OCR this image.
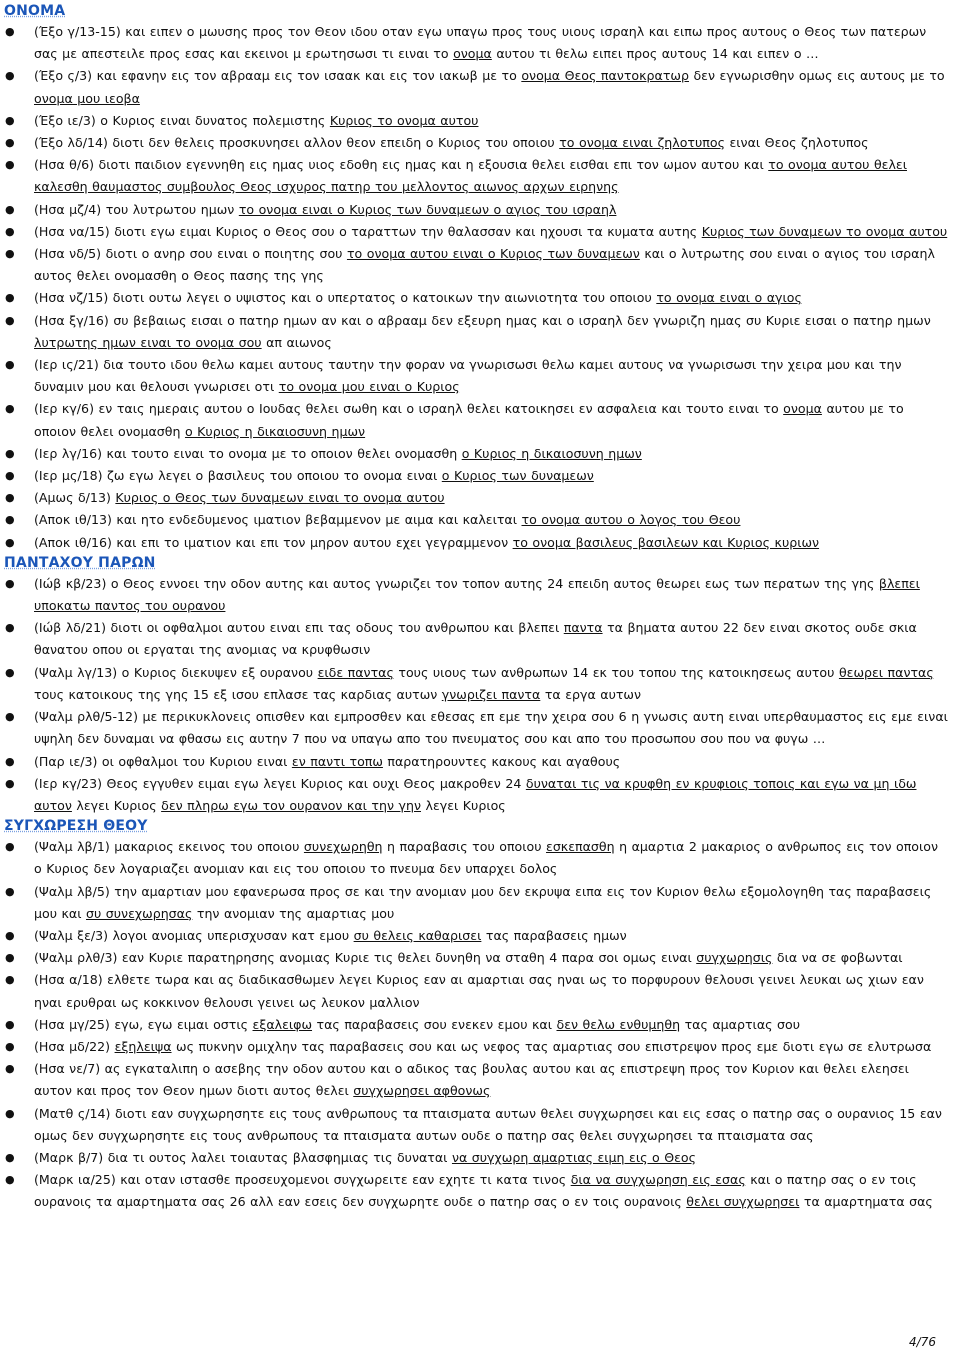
ΟΝΟΜΑ
●(Έξο γ/13-15) και ειπεν ο μωυσης προς τον Θεον ιδου οταν εγω υπαγω προς τους υιους ισραηλ και ειπω προς αυτους ο Θεος των πατερων σας με απεστειλε προς εσας και εκεινοι μ ερωτησωσι τι ειναι το ονομα αυτου τι θελω ειπει προς αυτους 14 και ειπεν ο …
●(Έξο ς/3) και εφανην εις τον αβρααμ εις τον ισαακ και εις τον ιακωβ με το ονομα Θεος παντοκρατωρ δεν εγνωρισθην ομως εις αυτους με το ονομα μου ιεοβα
●(Έξο ιε/3) ο Κυριος ειναι δυνατος πολεμιστης Κυριος το ονομα αυτου
●(Έξο λδ/14) διοτι δεν θελεις προσκυνησει αλλον θεον επειδη ο Κυριος του οποιου το ονομα ειναι ζηλοτυπος ειναι Θεος ζηλοτυπος
●(Ησα θ/6) διοτι παιδιον εγεννηθη εις ημας υιος εδοθη εις ημας και η εξουσια θελει εισθαι επι τον ωμον αυτου και το ονομα αυτου θελει καλεσθη θαυμαστος συμβουλος Θεος ισχυρος πατηρ του μελλοντος αιωνος αρχων ειρηνης
●(Ησα μζ/4) του λυτρωτου ημων το ονομα ειναι ο Κυριος των δυναμεων ο αγιος του ισραηλ
●(Ησα να/15) διοτι εγω ειμαι Κυριος ο Θεος σου ο ταραττων την θαλασσαν και ηχουσι τα κυματα αυτης Κυριος των δυναμεων το ονομα αυτου
●(Ησα νδ/5) διοτι ο ανηρ σου ειναι ο ποιητης σου το ονομα αυτου ειναι ο Κυριος των δυναμεων και ο λυτρωτης σου ειναι ο αγιος του ισραηλ αυτος θελει ονομασθη ο Θεος πασης της γης
●(Ησα νζ/15) διοτι ουτω λεγει ο υψιστος και ο υπερτατος ο κατοικων την αιωνιοτητα του οποιου το ονομα ειναι ο αγιος
●(Ησα ξγ/16) συ βεβαιως εισαι ο πατηρ ημων αν και ο αβρααμ δεν εξευρη ημας και ο ισραηλ δεν γνωριζη ημας συ Κυριε εισαι ο πατηρ ημων λυτρωτης ημων ειναι το ονομα σου απ αιωνος
●(Ιερ ις/21) δια τουτο ιδου θελω καμει αυτους ταυτην την φοραν να γνωρισωσι θελω καμει αυτους να γνωρισωσι την χειρα μου και την δυναμιν μου και θελουσι γνωρισει οτι το ονομα μου ειναι ο Κυριος
●(Ιερ κγ/6) εν ταις ημεραις αυτου ο Ιουδας θελει σωθη και ο ισραηλ θελει κατοικησει εν ασφαλεια και τουτο ειναι το ονομα αυτου με το οποιον θελει ονομασθη ο Κυριος η δικαιοσυνη ημων
●(Ιερ λγ/16) και τουτο ειναι το ονομα με το οποιον θελει ονομασθη ο Κυριος η δικαιοσυνη ημων
●(Ιερ μς/18) ζω εγω λεγει ο βασιλευς του οποιου το ονομα ειναι ο Κυριος των δυναμεων
●(Αμως δ/13) Κυριος ο Θεος των δυναμεων ειναι το ονομα αυτου
●(Αποκ ιθ/13) και ητο ενδεδυμενος ιματιον βεβαμμενον με αιμα και καλειται το ονομα αυτου ο λογος του Θεου
●(Αποκ ιθ/16) και επι το ιματιον και επι τον μηρον αυτου εχει γεγραμμενον το ονομα βασιλευς βασιλεων και Κυριος κυριων
ΠΑΝΤΑΧΟΥ ΠΑΡΩΝ
●(Ιώβ κβ/23) ο Θεος εννοει την οδον αυτης και αυτος γνωριζει τον τοπον αυτης 24 επειδη αυτος θεωρει εως των περατων της γης βλεπει υποκατω παντος του ουρανου
●(Ιώβ λδ/21) διοτι οι οφθαλμοι αυτου ειναι επι τας οδους του ανθρωπου και βλεπει παντα τα βηματα αυτου 22 δεν ειναι σκοτος ουδε σκια θανατου οπου οι εργαται της ανομιας να κρυφθωσιν
●(Ψαλμ λγ/13) ο Κυριος διεκυψεν εξ ουρανου ειδε παντας τους υιους των ανθρωπων 14 εκ του τοπου της κατοικησεως αυτου θεωρει παντας τους κατοικους της γης 15 εξ ισου επλασε τας καρδιας αυτων γνωριζει παντα τα εργα αυτων
●(Ψαλμ ρλθ/5-12) με περικυκλονεις οπισθεν και εμπροσθεν και εθεσας επ εμε την χειρα σου 6 η γνωσις αυτη ειναι υπερθαυμαστος εις εμε ειναι υψηλη δεν δυναμαι να φθασω εις αυτην 7 που να υπαγω απο του πνευματος σου και απο του προσωπου σου που να φυγω …
●(Παρ ιε/3) οι οφθαλμοι του Κυριου ειναι εν παντι τοπω παρατηρουντες κακους και αγαθους
●(Ιερ κγ/23) Θεος εγγυθεν ειμαι εγω λεγει Κυριος και ουχι Θεος μακροθεν 24 δυναται τις να κρυφθη εν κρυφιοις τοποις και εγω να μη ιδω αυτον λεγει Κυριος δεν πληρω εγω τον ουρανον και την γην λεγει Κυριος
ΣΥΓΧΩΡΕΣΗ ΘΕΟΥ
●(Ψαλμ λβ/1) μακαριος εκεινος του οποιου συνεχωρηθη η παραβασις του οποιου εσκεπασθη η αμαρτια 2 μακαριος ο ανθρωπος εις τον οποιον ο Κυριος δεν λογαριαζει ανομιαν και εις του οποιου το πνευμα δεν υπαρχει δολος
●(Ψαλμ λβ/5) την αμαρτιαν μου εφανερωσα προς σε και την ανομιαν μου δεν εκρυψα ειπα εις τον Κυριον θελω εξομολογηθη τας παραβασεις μου και συ συνεχωρησας την ανομιαν της αμαρτιας μου
●(Ψαλμ ξε/3) λογοι ανομιας υπερισχυσαν κατ εμου συ θελεις καθαρισει τας παραβασεις ημων
●(Ψαλμ ρλθ/3) εαν Κυριε παρατηρησης ανομιας Κυριε τις θελει δυνηθη να σταθη 4 παρα σοι ομως ειναι συγχωρησις δια να σε φοβωνται
●(Ησα α/18) ελθετε τωρα και ας διαδικασθωμεν λεγει Κυριος εαν αι αμαρτιαι σας ηναι ως το πορφυρουν θελουσι γεινει λευκαι ως χιων εαν ηναι ερυθραι ως κοκκινον θελουσι γεινει ως λευκον μαλλιον
●(Ησα μγ/25) εγω, εγω ειμαι οστις εξαλειφω τας παραβασεις σου ενεκεν εμου και δεν θελω ενθυμηθη τας αμαρτιας σου
●(Ησα μδ/22) εξηλειψα ως πυκνην ομιχλην τας παραβασεις σου και ως νεφος τας αμαρτιας σου επιστρεψον προς εμε διοτι εγω σε ελυτρωσα
●(Ησα νε/7) ας εγκαταλιπη ο ασεβης την οδον αυτου και ο αδικος τας βουλας αυτου και ας επιστρεψη προς τον Κυριον και θελει ελεησει αυτον και προς τον Θεον ημων διοτι αυτος θελει συγχωρησει αφθονως
●(Ματθ ς/14) διοτι εαν συγχωρησητε εις τους ανθρωπους τα πταισματα αυτων θελει συγχωρησει και εις εσας ο πατηρ σας ο ουρανιος 15 εαν ομως δεν συγχωρησητε εις τους ανθρωπους τα πταισματα αυτων ουδε ο πατηρ σας θελει συγχωρησει τα πταισματα σας
●(Μαρκ β/7) δια τι ουτος λαλει τοιαυτας βλασφημιας τις δυναται να συγχωρη αμαρτιας ειμη εις ο Θεος
●(Μαρκ ια/25) και οταν ιστασθε προσευχομενοι συγχωρειτε εαν εχητε τι κατα τινος δια να συγχωρηση εις εσας και ο πατηρ σας ο εν τοις ουρανοις τα αμαρτηματα σας 26 αλλ εαν εσεις δεν συγχωρητε ουδε ο πατηρ σας ο εν τοις ουρανοις θελει συγχωρησει τα αμαρτηματα σας
4/76
